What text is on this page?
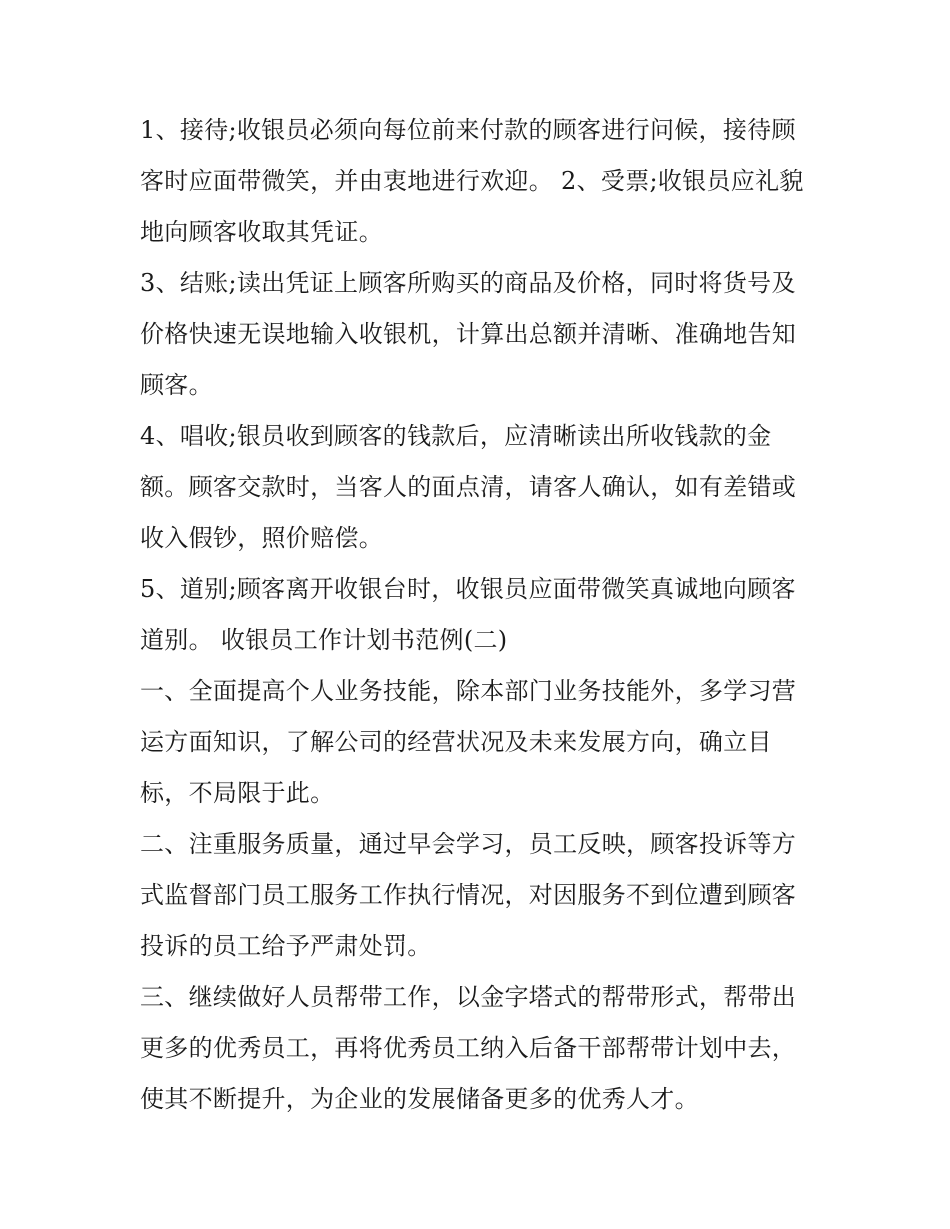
1、接待;收银员必须向每位前来付款的顾客进行问候，接待顾
客时应面带微笑，并由衷地进行欢迎。 2、受票;收银员应礼貌
地向顾客收取其凭证。

3、结账;读出凭证上顾客所购买的商品及价格，同时将货号及
价格快速无误地输入收银机，计算出总额并清晰、准确地告知
顾客。

4、唱收;银员收到顾客的钱款后，应清晰读出所收钱款的金
额。顾客交款时，当客人的面点清，请客人确认，如有差错或
收入假钞，照价赔偿。

5、道别;顾客离开收银台时，收银员应面带微笑真诚地向顾客
道别。 收银员工作计划书范例(二)

一、全面提高个人业务技能，除本部门业务技能外，多学习营
运方面知识，了解公司的经营状况及未来发展方向，确立目
标，不局限于此。

二、注重服务质量，通过早会学习，员工反映，顾客投诉等方
式监督部门员工服务工作执行情况，对因服务不到位遭到顾客
投诉的员工给予严肃处罚。

三、继续做好人员帮带工作，以金字塔式的帮带形式，帮带出
更多的优秀员工，再将优秀员工纳入后备干部帮带计划中去，
使其不断提升，为企业的发展储备更多的优秀人才。
